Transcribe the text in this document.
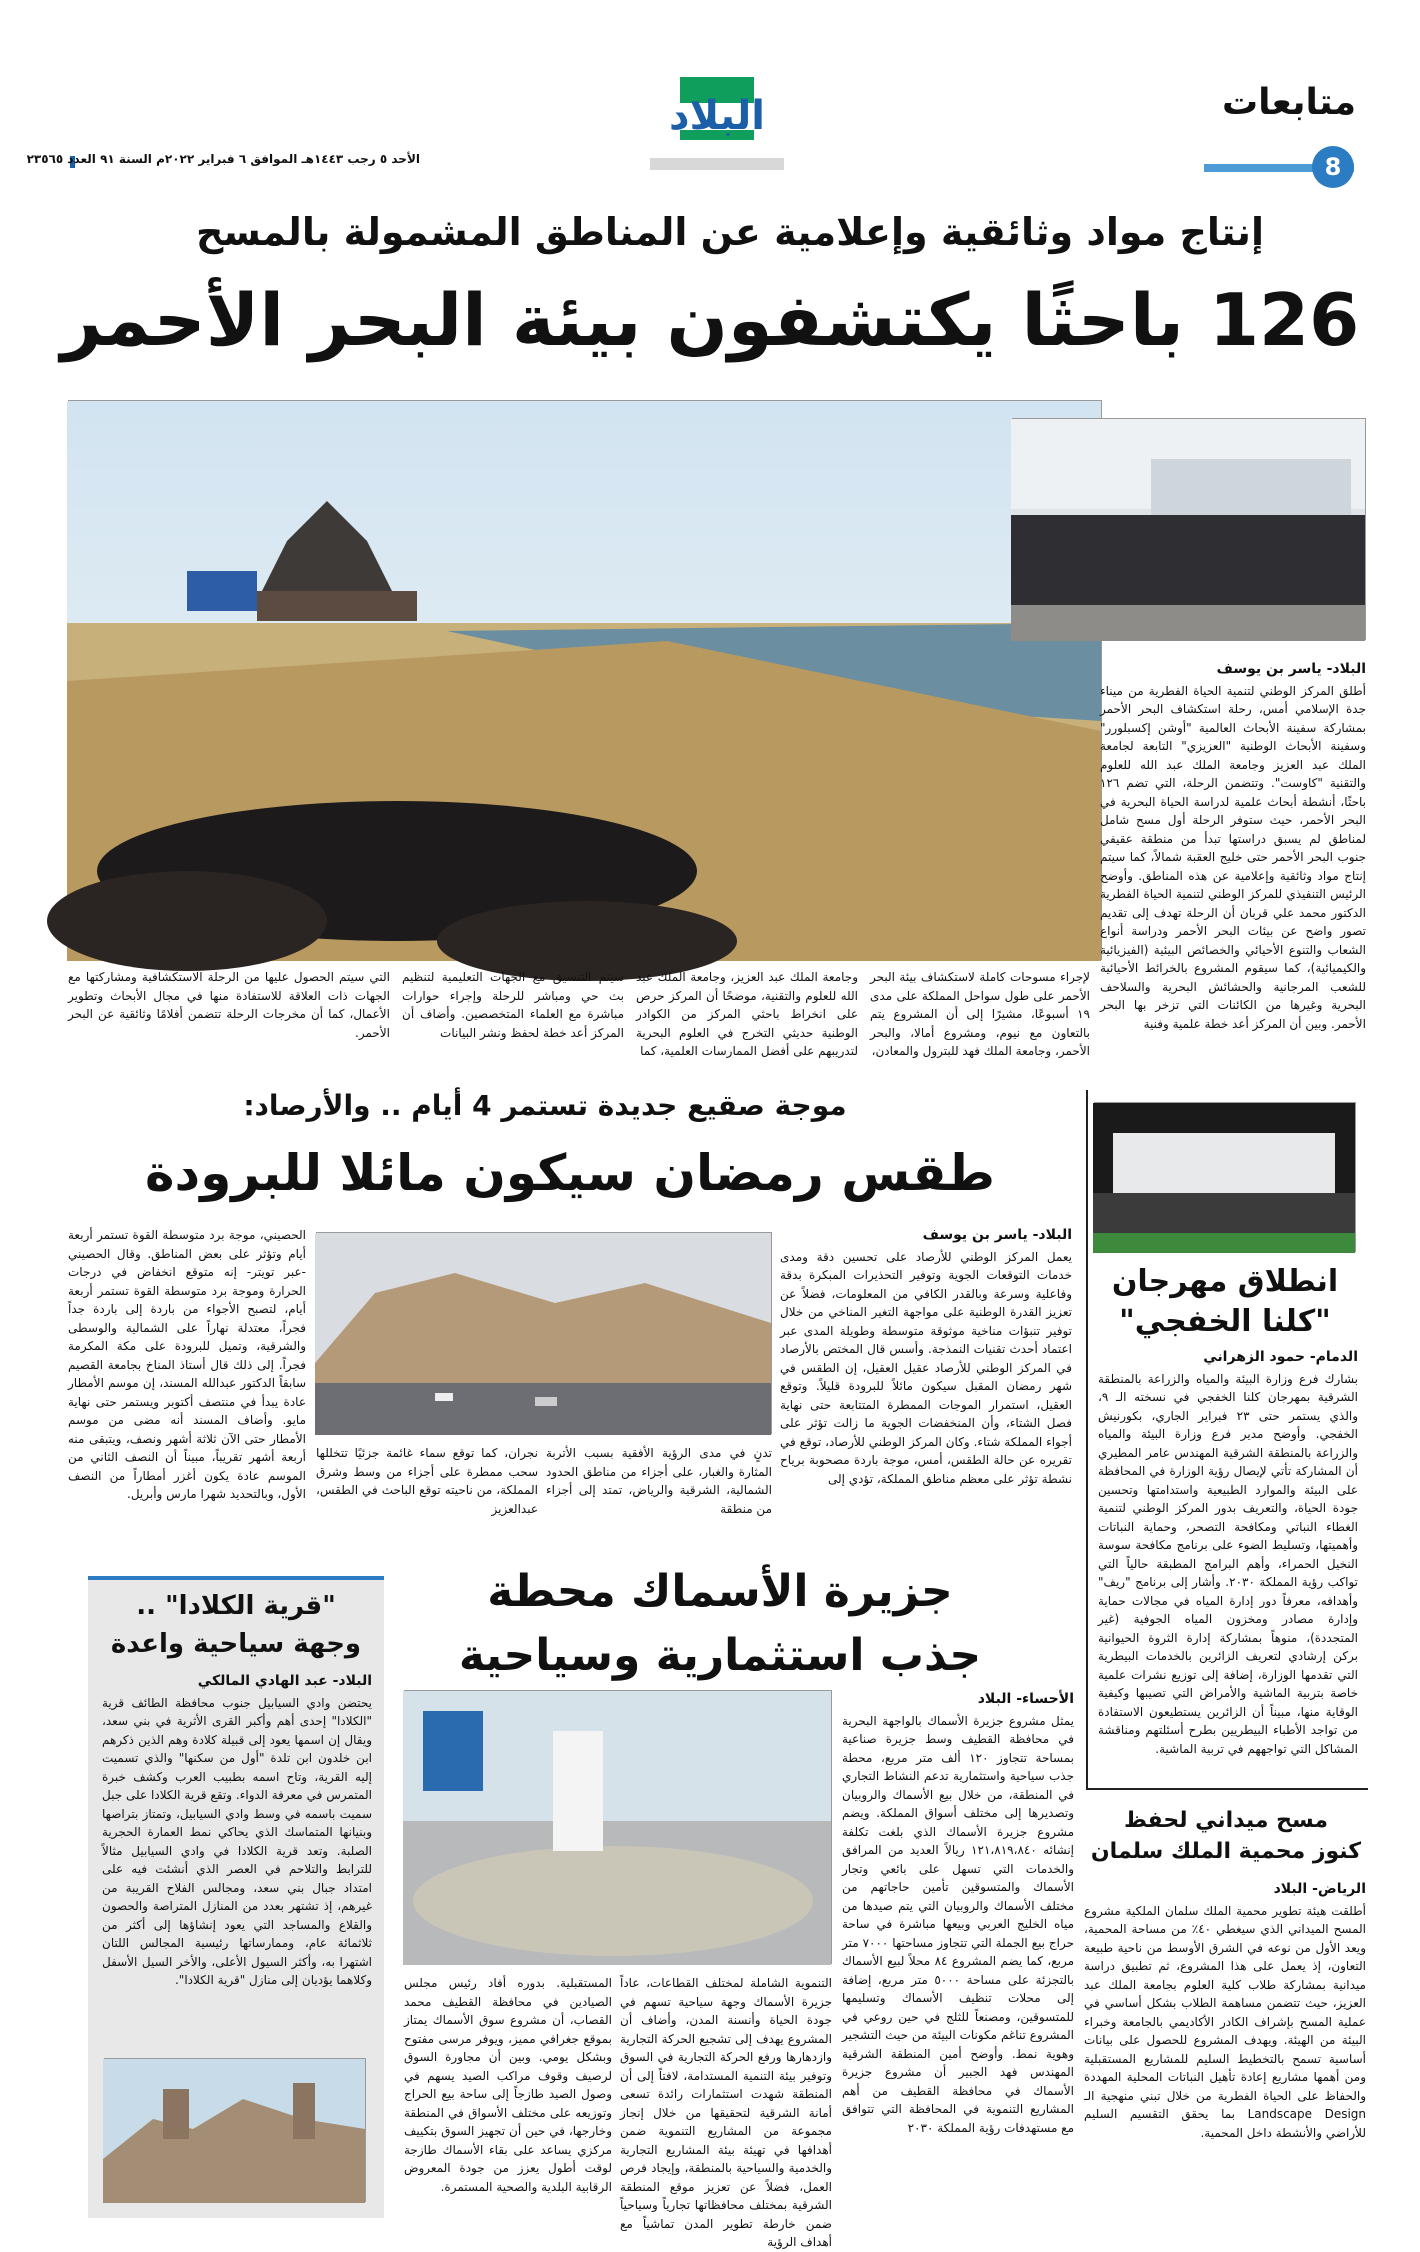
متابعات
8
البلاد
الأحد ٥ رجب ١٤٤٣هـ الموافق ٦ فبراير ٢٠٢٢م السنة ٩١ العدد ٢٣٥٦٥
إنتاج مواد وثائقية وإعلامية عن المناطق المشمولة بالمسح
126 باحثًا يكتشفون بيئة البحر الأحمر
البلاد- ياسر بن يوسف
أطلق المركز الوطني لتنمية الحياة الفطرية من ميناء جدة الإسلامي أمس، رحلة استكشاف البحر الأحمر بمشاركة سفينة الأبحاث العالمية "أوشن إكسبلورر" وسفينة الأبحاث الوطنية "العزيزي" التابعة لجامعة الملك عبد العزيز وجامعة الملك عبد الله للعلوم والتقنية "كاوست". وتتضمن الرحلة، التي تضم ١٢٦ باحثًا، أنشطة أبحاث علمية لدراسة الحياة البحرية في البحر الأحمر، حيث ستوفر الرحلة أول مسح شامل لمناطق لم يسبق دراستها تبدأ من منطقة عقيفي جنوب البحر الأحمر حتى خليج العقبة شمالاً، كما سيتم إنتاج مواد وثائقية وإعلامية عن هذه المناطق. وأوضح الرئيس التنفيذي للمركز الوطني لتنمية الحياة الفطرية الدكتور محمد علي قربان أن الرحلة تهدف إلى تقديم تصور واضح عن بيئات البحر الأحمر ودراسة أنواع الشعاب والتنوع الأحيائي والخصائص البيئية (الفيزيائية والكيميائية)، كما سيقوم المشروع بالخرائط الأحيائية للشعب المرجانية والحشائش البحرية والسلاحف البحرية وغيرها من الكائنات التي تزخر بها البحر الأحمر. وبين أن المركز أعد خطة علمية وفنية
لإجراء مسوحات كاملة لاستكشاف بيئة البحر الأحمر على طول سواحل المملكة على مدى ١٩ أسبوعًا، مشيرًا إلى أن المشروع يتم بالتعاون مع نيوم، ومشروع أمالا، والبحر الأحمر، وجامعة الملك فهد للبترول والمعادن،
وجامعة الملك عبد العزيز، وجامعة الملك عبد الله للعلوم والتقنية، موضحًا أن المركز حرص على انخراط باحثي المركز من الكوادر الوطنية حديثي التخرج في العلوم البحرية لتدريبهم على أفضل الممارسات العلمية، كما
سيتم التنسيق مع الجهات التعليمية لتنظيم بث حي ومباشر للرحلة وإجراء حوارات مباشرة مع العلماء المتخصصين. وأضاف أن المركز أعد خطة لحفظ ونشر البيانات
التي سيتم الحصول عليها من الرحلة الاستكشافية ومشاركتها مع الجهات ذات العلاقة للاستفادة منها في مجال الأبحاث وتطوير الأعمال، كما أن مخرجات الرحلة تتضمن أفلامًا وثائقية عن البحر الأحمر.
موجة صقيع جديدة تستمر 4 أيام .. والأرصاد:
طقس رمضان سيكون مائلا للبرودة
البلاد- ياسر بن يوسف
يعمل المركز الوطني للأرصاد على تحسين دقة ومدى خدمات التوقعات الجوية وتوفير التحذيرات المبكرة بدقة وفاعلية وسرعة وبالقدر الكافي من المعلومات، فضلاً عن تعزيز القدرة الوطنية على مواجهة التغير المناخي من خلال توفير تنبؤات مناخية موثوقة متوسطة وطويلة المدى عبر اعتماد أحدث تقنيات النمذجة. وأسس قال المختص بالأرصاد في المركز الوطني للأرصاد عقيل العقيل، إن الطقس في شهر رمضان المقبل سيكون مائلاً للبرودة قليلاً. وتوقع العقيل، استمرار الموجات الممطرة المتتابعة حتى نهاية فصل الشتاء، وأن المنخفضات الجوية ما زالت تؤثر على أجواء المملكة شتاء. وكان المركز الوطني للأرصاد، توقع في تقريره عن حالة الطقس، أمس، موجة باردة مصحوبة برياح نشطة تؤثر على معظم مناطق المملكة، تؤدي إلى
تدنٍ في مدى الرؤية الأفقية بسبب الأتربة المثارة والغبار، على أجزاء من مناطق الحدود الشمالية، الشرقية والرياض، تمتد إلى أجزاء من منطقة
نجران، كما توقع سماء غائمة جزئيًا تتخللها سحب ممطرة على أجزاء من وسط وشرق المملكة، من ناحيته توقع الباحث في الطقس، عبدالعزيز
الحصيني، موجة برد متوسطة القوة تستمر أربعة أيام وتؤثر على بعض المناطق. وقال الحصيني -عبر تويتر- إنه متوقع انخفاض في درجات الحرارة وموجة برد متوسطة القوة تستمر أربعة أيام، لتصبح الأجواء من باردة إلى باردة جداً فجراً، معتدلة نهاراً على الشمالية والوسطى والشرقية، وتميل للبرودة على مكة المكرمة فجراً. إلى ذلك قال أستاذ المناخ بجامعة القصيم سابقاً الدكتور عبدالله المسند، إن موسم الأمطار عادة يبدأ في منتصف أكتوبر ويستمر حتى نهاية مايو. وأضاف المسند أنه مضى من موسم الأمطار حتى الآن ثلاثة أشهر ونصف، ويتبقى منه أربعة أشهر تقريباً، مبيناً أن النصف الثاني من الموسم عادة يكون أغزر أمطاراً من النصف الأول، وبالتحديد شهرا مارس وأبريل.
انطلاق مهرجان
"كلنا الخفجي"
الدمام- حمود الزهراني
بشارك فرع وزارة البيئة والمياه والزراعة بالمنطقة الشرقية بمهرجان كلنا الخفجي في نسخته الـ ٩، والذي يستمر حتى ٢٣ فبراير الجاري، بكورنيش الخفجي. وأوضح مدير فرع وزارة البيئة والمياه والزراعة بالمنطقة الشرقية المهندس عامر المطيري أن المشاركة تأتي لإيصال رؤية الوزارة في المحافظة على البيئة والموارد الطبيعية واستدامتها وتحسين جودة الحياة، والتعريف بدور المركز الوطني لتنمية الغطاء النباتي ومكافحة التصحر، وحماية النباتات وأهميتها، وتسليط الضوء على برنامج مكافحة سوسة النخيل الحمراء، وأهم البرامج المطبقة حالياً التي تواكب رؤية المملكة ٢٠٣٠. وأشار إلى برنامج "ريف" وأهدافه، معرفاً دور إدارة المياه في مجالات حماية وإدارة مصادر ومخزون المياه الجوفية (غير المتجددة)، منوهاً بمشاركة إدارة الثروة الحيوانية بركن إرشادي لتعريف الزائرين بالخدمات البيطرية التي تقدمها الوزارة، إضافة إلى توزيع نشرات علمية خاصة بتربية الماشية والأمراض التي تصيبها وكيفية الوقاية منها، مبيناً أن الزائرين يستطيعون الاستفادة من تواجد الأطباء البيطريين بطرح أسئلتهم ومناقشة المشاكل التي تواجههم في تربية الماشية.
مسح ميداني لحفظ
كنوز محمية الملك سلمان
الرياض- البلاد
أطلقت هيئة تطوير محمية الملك سلمان الملكية مشروع المسح الميداني الذي سيغطي ٤٠٪ من مساحة المحمية، ويعد الأول من نوعه في الشرق الأوسط من ناحية طبيعة التعاون، إذ يعمل على هذا المشروع، ثم تطبيق دراسة ميدانية بمشاركة طلاب كلية العلوم بجامعة الملك عبد العزيز، حيث تتضمن مساهمة الطلاب بشكل أساسي في عملية المسح بإشراف الكادر الأكاديمي بالجامعة وخبراء البيئة من الهيئة. ويهدف المشروع للحصول على بيانات أساسية تسمح بالتخطيط السليم للمشاريع المستقبلية ومن أهمها مشاريع إعادة تأهيل النباتات المحلية المهددة والحفاظ على الحياة الفطرية من خلال تبني منهجية الـ Landscape Design بما يحقق التقسيم السليم للأراضي والأنشطة داخل المحمية.
جزيرة الأسماك محطة
جذب استثمارية وسياحية
الأحساء- البلاد
يمثل مشروع جزيرة الأسماك بالواجهة البحرية في محافظة القطيف وسط جزيرة صناعية بمساحة تتجاوز ١٢٠ ألف متر مربع، محطة جذب سياحية واستثمارية تدعم النشاط التجاري في المنطقة، من خلال بيع الأسماك والروبيان وتصديرها إلى مختلف أسواق المملكة. ويضم مشروع جزيرة الأسماك الذي بلغت تكلفة إنشائه ١٢١،٨١٩،٨٤٠ ريالاً العديد من المرافق والخدمات التي تسهل على بائعي وتجار الأسماك والمتسوقين تأمين حاجاتهم من مختلف الأسماك والروبيان التي يتم صيدها من مياه الخليج العربي وبيعها مباشرة في ساحة حراج بيع الجملة التي تتجاوز مساحتها ٧٠٠٠ متر مربع، كما يضم المشروع ٨٤ محلاً لبيع الأسماك بالتجزئة على مساحة ٥٠٠٠ متر مربع، إضافة إلى محلات تنظيف الأسماك وتسليمها للمتسوقين، ومصنعاً للثلج في حين روعي في المشروع تناغم مكونات البيئة من حيث التشجير وهوية نمط. وأوضح أمين المنطقة الشرقية المهندس فهد الجبير أن مشروع جزيرة الأسماك في محافظة القطيف من أهم المشاريع التنموية في المحافظة التي تتوافق مع مستهدفات رؤية المملكة ٢٠٣٠
التنموية الشاملة لمختلف القطاعات، عاداً جزيرة الأسماك وجهة سياحية تسهم في جودة الحياة وأنسنة المدن، وأضاف أن المشروع يهدف إلى تشجيع الحركة التجارية وازدهارها ورفع الحركة التجارية في السوق وتوفير بيئة التنمية المستدامة، لافتاً إلى أن المنطقة شهدت استثمارات رائدة تسعى أمانة الشرقية لتحقيقها من خلال إنجاز مجموعة من المشاريع التنموية ضمن أهدافها في تهيئة بيئة المشاريع التجارية والخدمية والسياحية بالمنطقة، وإيجاد فرص العمل، فضلاً عن تعزيز موقع المنطقة الشرقية بمختلف محافظاتها تجارياً وسياحياً ضمن خارطة تطوير المدن تماشياً مع أهداف الرؤية
المستقبلية. بدوره أفاد رئيس مجلس الصيادين في محافظة القطيف محمد القصاب، أن مشروع سوق الأسماك يمتاز بموقع جغرافي مميز، ويوفر مرسى مفتوح وبشكل يومي. وبين أن مجاورة السوق لرصيف وقوف مراكب الصيد يسهم في وصول الصيد طازجاً إلى ساحة بيع الحراج وتوزيعه على مختلف الأسواق في المنطقة وخارجها، في حين أن تجهيز السوق بتكييف مركزي يساعد على بقاء الأسماك طازجة لوقت أطول يعزز من جودة المعروض الرقابية البلدية والصحية المستمرة.
"قرية الكلادا" ..
وجهة سياحية واعدة
البلاد- عبد الهادي المالكي
يحتضن وادي السيابيل جنوب محافظة الطائف قرية "الكلادا" إحدى أهم وأكبر القرى الأثرية في بني سعد، ويقال إن اسمها يعود إلى قبيلة كلادة وهم الذين ذكرهم ابن خلدون ابن تلدة "أول من سكنها" والذي تسميت إليه القرية، وتاح اسمه بطبيب العرب وكشف خبرة المتمرس في معرفة الدواء. وتقع قرية الكلادا على جبل سميت باسمه في وسط وادي السيابيل، وتمتاز بتراصها وبنيانها المتماسك الذي يحاكي نمط العمارة الحجرية الصلبة. وتعد قرية الكلادا في وادي السيابيل مثالاً للترابط والتلاحم في العصر الذي أنشئت فيه على امتداد جبال بني سعد، ومجالس الفلاح القريبة من غيرهم، إذ تشتهر بعدد من المنازل المتراصة والحصون والقلاع والمساجد التي يعود إنشاؤها إلى أكثر من ثلاثمائة عام، وممارساتها رئيسية المجالس اللتان اشتهرا به، وأكثر السيول الأعلى، والأخر السيل الأسفل وكلاهما يؤديان إلى منازل "قرية الكلادا".
